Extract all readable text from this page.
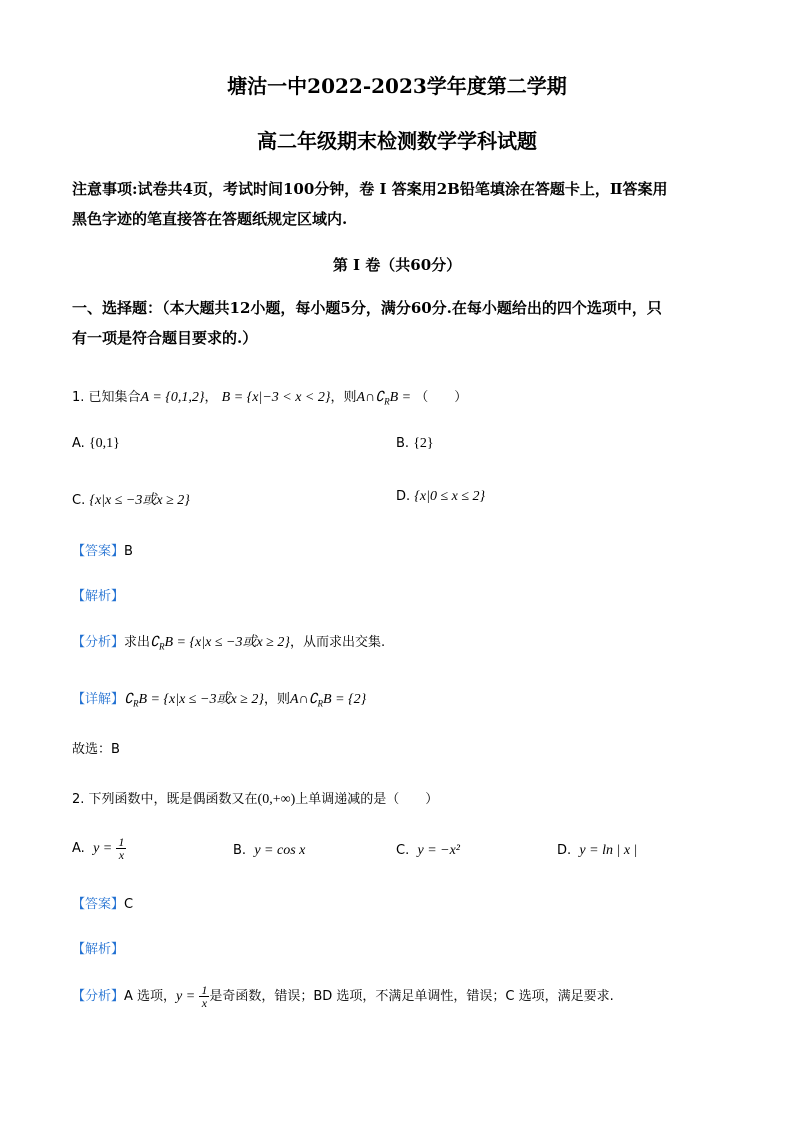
塘沽一中2022-2023学年度第二学期
高二年级期末检测数学学科试题
注意事项:试卷共4页，考试时间100分钟，卷 I 答案用2B铅笔填涂在答题卡上，Ⅱ答案用
黑色字迹的笔直接答在答题纸规定区域内.
第 I 卷（共60分）
一、选择题：（本大题共12小题，每小题5分，满分60分.在每小题给出的四个选项中，只
有一项是符合题目要求的.）
1. 已知集合A = {0,1,2}， B = {x|−3 < x < 2}，则$A\cap∁_RB$ = （　　）
A. {0,1}	B. {2}
C. {x|x ≤ −3或x ≥ 2}	D. {x|0 ≤ x ≤ 2}
【答案】B
【解析】
【分析】求出$∁_RB = \{x|x \le -3$或x ≥ 2}，从而求出交集.
【详解】$∁_RB = \{x|x \le -3$或x ≥ 2}，则$A\cap∁_RB = \{2\}$
故选：B
2. 下列函数中，既是偶函数又在(0,+∞)上单调递减的是（　　）
A. $y = \frac{1}{x}$	B. y = cos x	C. y = −x²	D. y = ln | x |
【答案】C
【解析】
【分析】A 选项，$y = \frac{1}{x}$ 是奇函数，错误；BD 选项，不满足单调性，错误；C 选项，满足要求.
